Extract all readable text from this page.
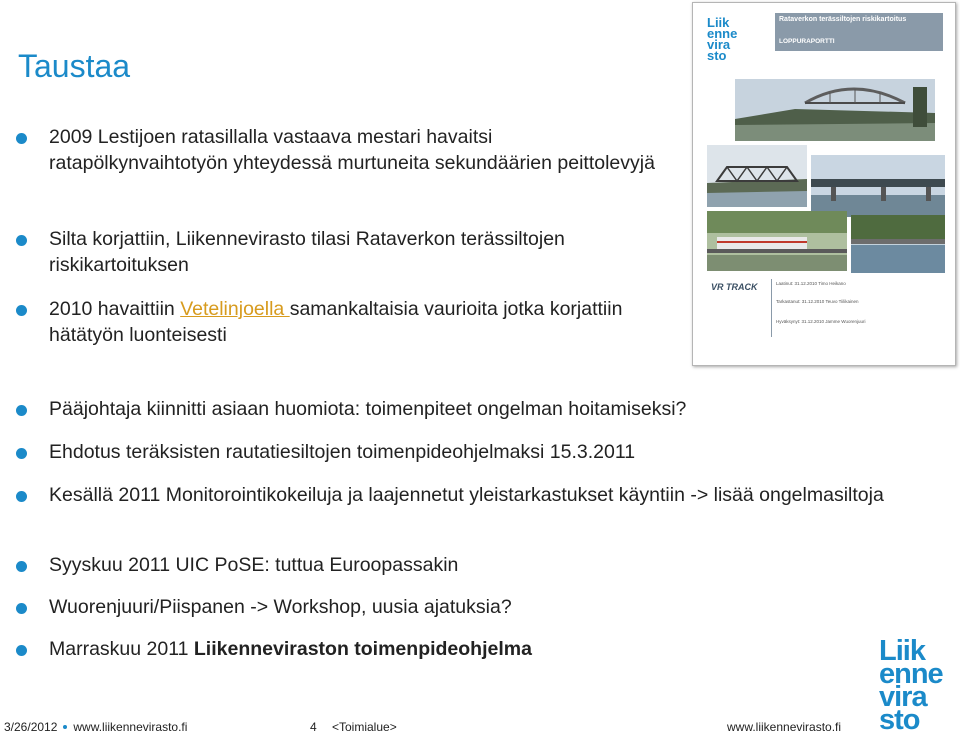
Taustaa
2009 Lestijoen ratasillalla vastaava mestari havaitsi ratapölkynvaihtotyön yhteydessä murtuneita sekundäärien peittolevyjä
Silta korjattiin, Liikennevirasto tilasi Rataverkon terässiltojen riskikartoituksen
2010 havaittiin Vetelinjoella samankaltaisia vaurioita jotka korjattiin hätätyön luonteisesti
Pääjohtaja kiinnitti asiaan huomiota: toimenpiteet ongelman hoitamiseksi?
Ehdotus teräksisten rautatiesiltojen toimenpideohjelmaksi 15.3.2011
Kesällä 2011 Monitorointikokeiluja ja laajennetut yleistarkastukset käyntiin -> lisää ongelmasiltoja
Syyskuu 2011 UIC PoSE: tuttua Euroopassakin
Wuorenjuuri/Piispanen -> Workshop, uusia ajatuksia?
Marraskuu 2011 Liikenneviraston toimenpideohjelma
Liik
enne
vira
sto
Rataverkon terässiltojen riskikartoitus
LOPPURAPORTTI
VR TRACK	Laatinut: 31.12.2010 Timo Heikano
Tarkastanut: 31.12.2010 Teuvo Tiilikainen
Hyväksynyt: 31.12.2010 Jamme Wuorenjuuri
Liik
enne
vira
sto
3/26/2012 www.liikennevirasto.fi	4 <Toimialue>	www.liikennevirasto.fi
